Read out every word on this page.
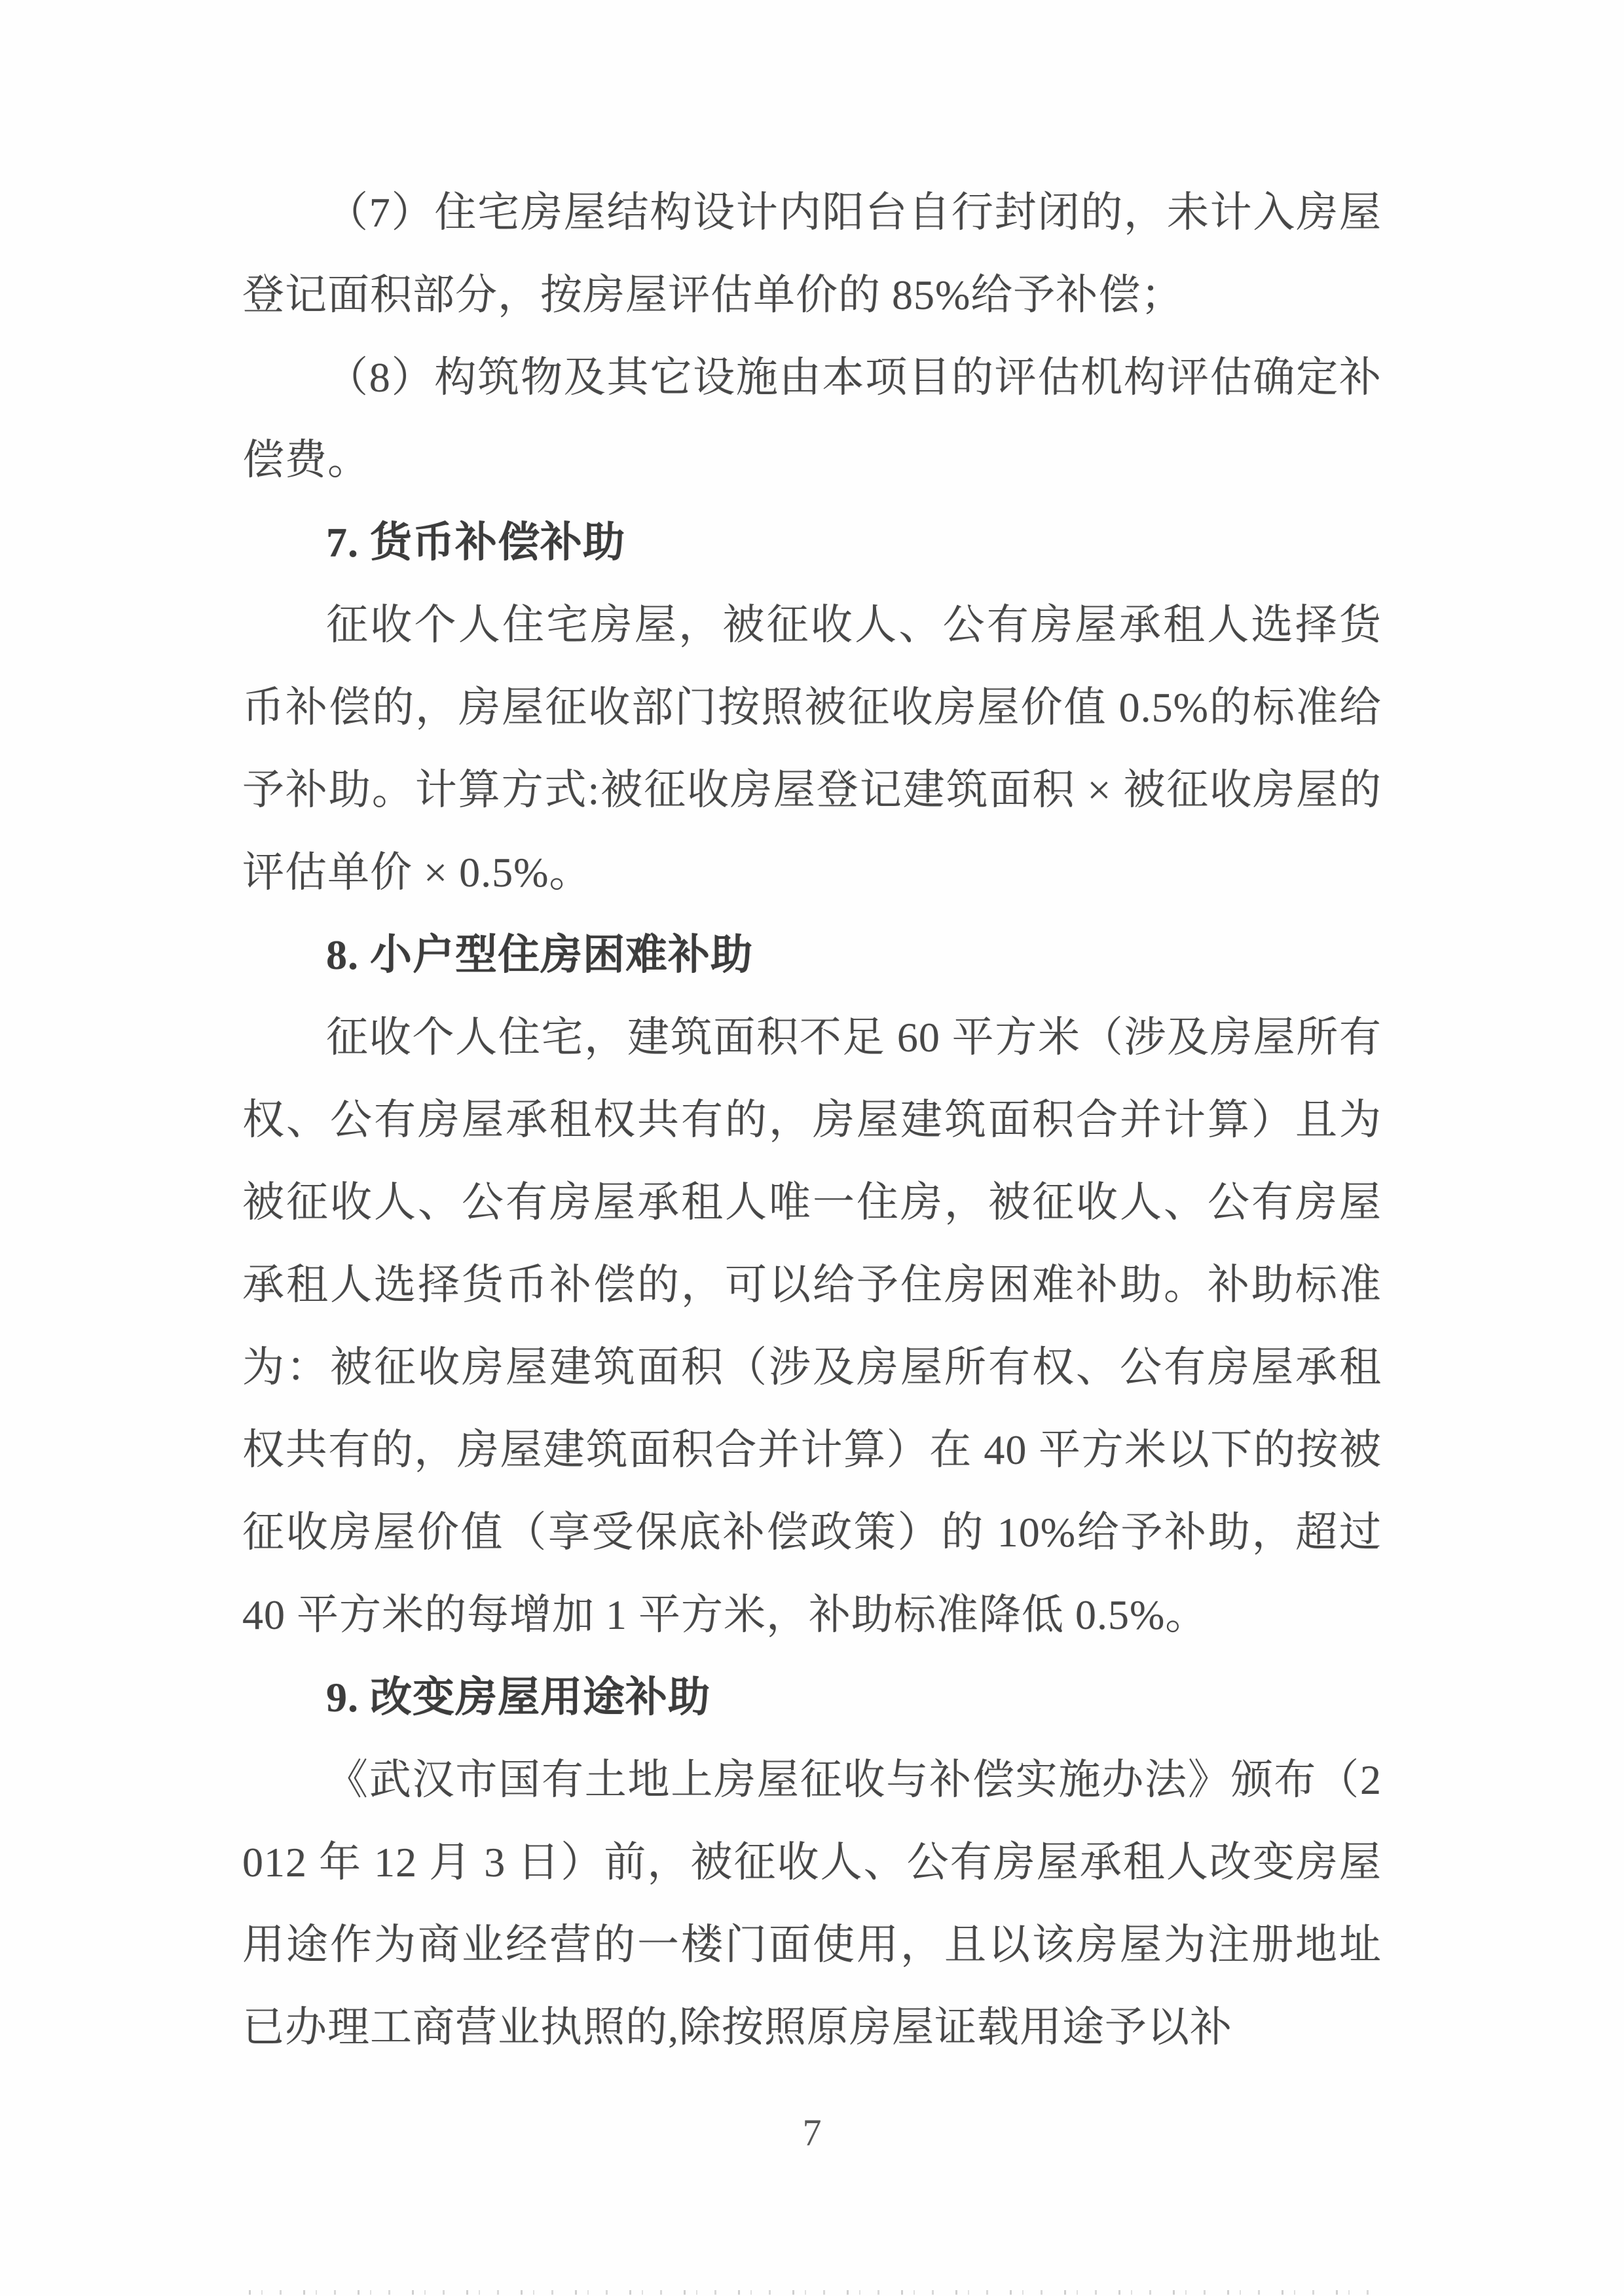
（7）住宅房屋结构设计内阳台自行封闭的，未计入房屋登记面积部分，按房屋评估单价的 85%给予补偿；

（8）构筑物及其它设施由本项目的评估机构评估确定补偿费。

7. 货币补偿补助

征收个人住宅房屋，被征收人、公有房屋承租人选择货币补偿的，房屋征收部门按照被征收房屋价值 0.5%的标准给予补助。计算方式:被征收房屋登记建筑面积 × 被征收房屋的评估单价 × 0.5%。

8. 小户型住房困难补助

征收个人住宅，建筑面积不足 60 平方米（涉及房屋所有权、公有房屋承租权共有的，房屋建筑面积合并计算）且为被征收人、公有房屋承租人唯一住房，被征收人、公有房屋承租人选择货币补偿的，可以给予住房困难补助。补助标准为：被征收房屋建筑面积（涉及房屋所有权、公有房屋承租权共有的，房屋建筑面积合并计算）在 40 平方米以下的按被征收房屋价值（享受保底补偿政策）的 10%给予补助，超过 40 平方米的每增加 1 平方米，补助标准降低 0.5%。

9. 改变房屋用途补助

《武汉市国有土地上房屋征收与补偿实施办法》颁布（2012 年 12 月 3 日）前，被征收人、公有房屋承租人改变房屋用途作为商业经营的一楼门面使用，且以该房屋为注册地址已办理工商营业执照的,除按照原房屋证载用途予以补

7
